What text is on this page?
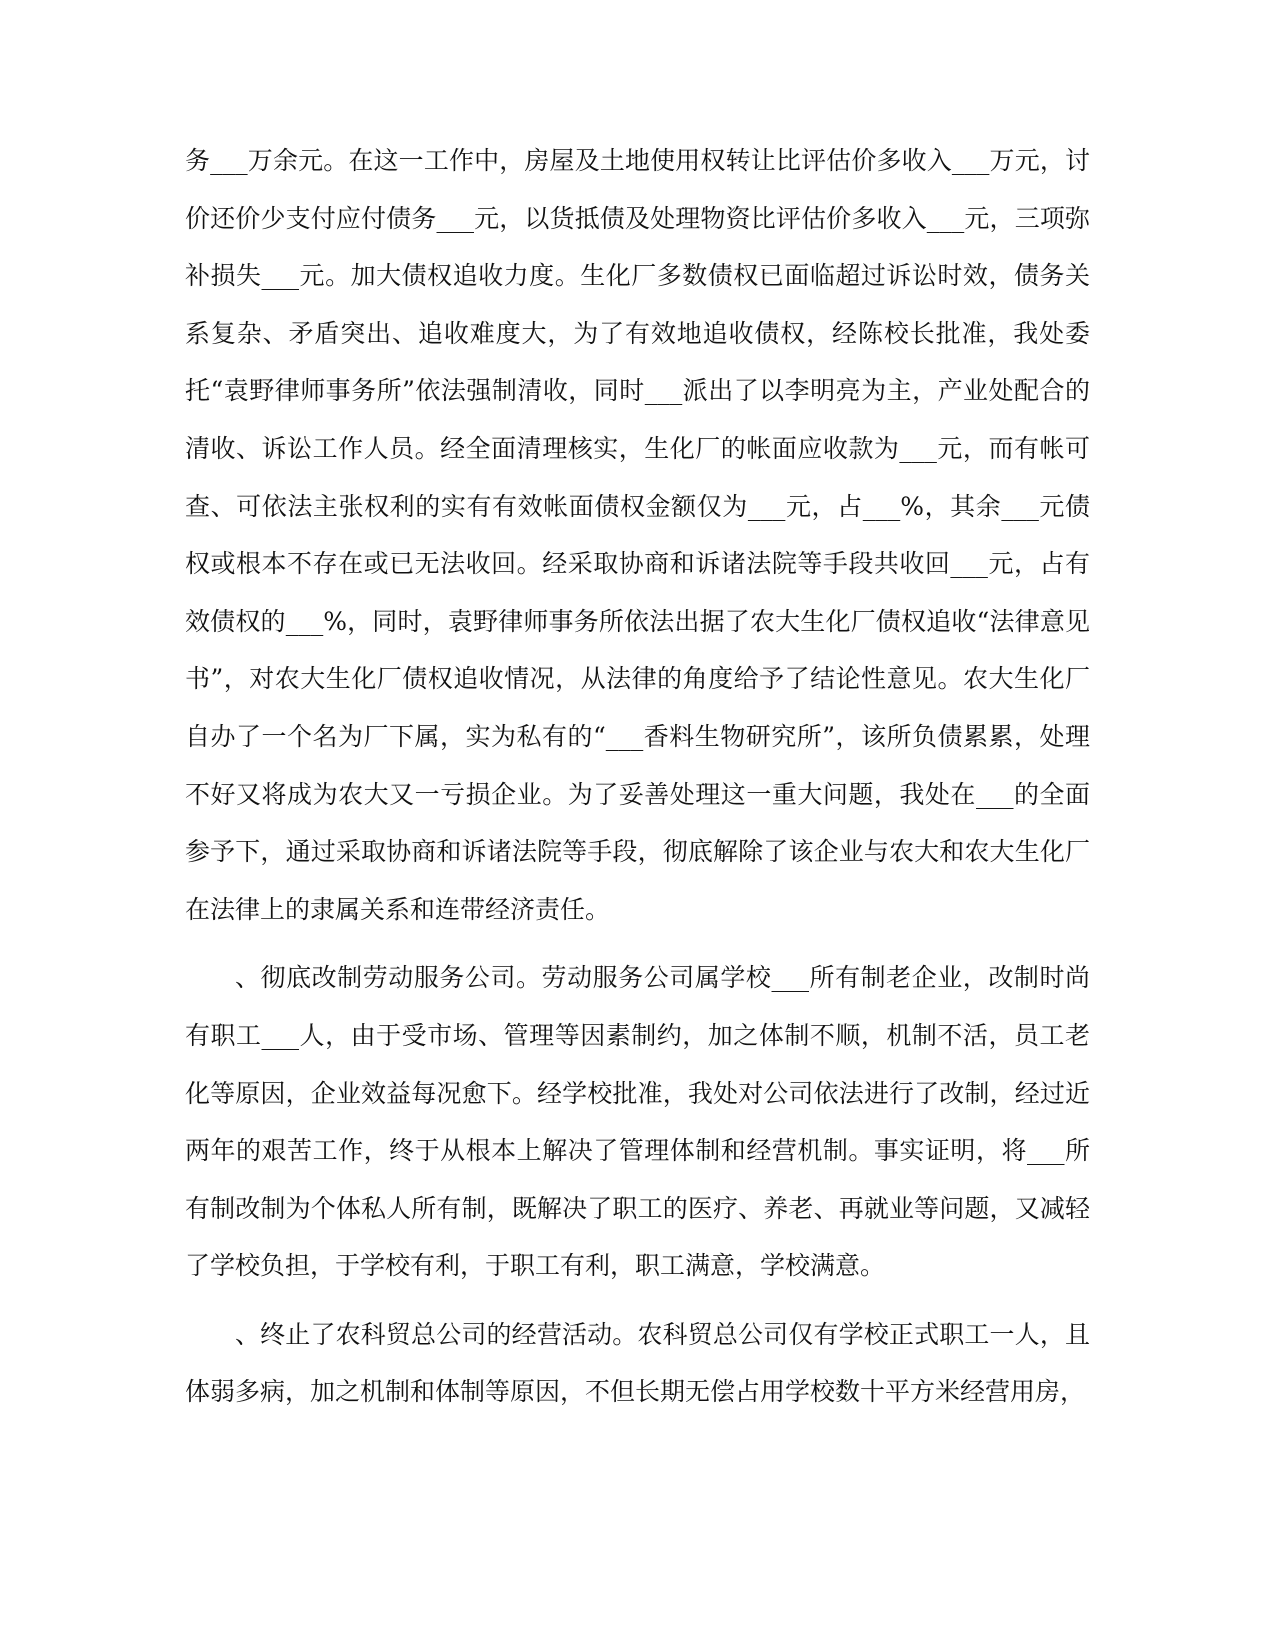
务___万余元。在这一工作中，房屋及土地使用权转让比评估价多收入___万元，讨价还价少支付应付债务___元，以货抵债及处理物资比评估价多收入___元，三项弥补损失___元。加大债权追收力度。生化厂多数债权已面临超过诉讼时效，债务关系复杂、矛盾突出、追收难度大，为了有效地追收债权，经陈校长批准，我处委托“袁野律师事务所”依法强制清收，同时___派出了以李明亮为主，产业处配合的清收、诉讼工作人员。经全面清理核实，生化厂的帐面应收款为___元，而有帐可查、可依法主张权利的实有有效帐面债权金额仅为___元，占___%，其余___元债权或根本不存在或已无法收回。经采取协商和诉诸法院等手段共收回___元，占有效债权的___%，同时，袁野律师事务所依法出据了农大生化厂债权追收“法律意见书”，对农大生化厂债权追收情况，从法律的角度给予了结论性意见。农大生化厂自办了一个名为厂下属，实为私有的“___香料生物研究所”，该所负债累累，处理不好又将成为农大又一亏损企业。为了妥善处理这一重大问题，我处在___的全面参予下，通过采取协商和诉诸法院等手段，彻底解除了该企业与农大和农大生化厂在法律上的隶属关系和连带经济责任。

、彻底改制劳动服务公司。劳动服务公司属学校___所有制老企业，改制时尚有职工___人，由于受市场、管理等因素制约，加之体制不顺，机制不活，员工老化等原因，企业效益每况愈下。经学校批准，我处对公司依法进行了改制，经过近两年的艰苦工作，终于从根本上解决了管理体制和经营机制。事实证明，将___所有制改制为个体私人所有制，既解决了职工的医疗、养老、再就业等问题，又减轻了学校负担，于学校有利，于职工有利，职工满意，学校满意。

、终止了农科贸总公司的经营活动。农科贸总公司仅有学校正式职工一人，且体弱多病，加之机制和体制等原因，不但长期无偿占用学校数十平方米经营用房，
